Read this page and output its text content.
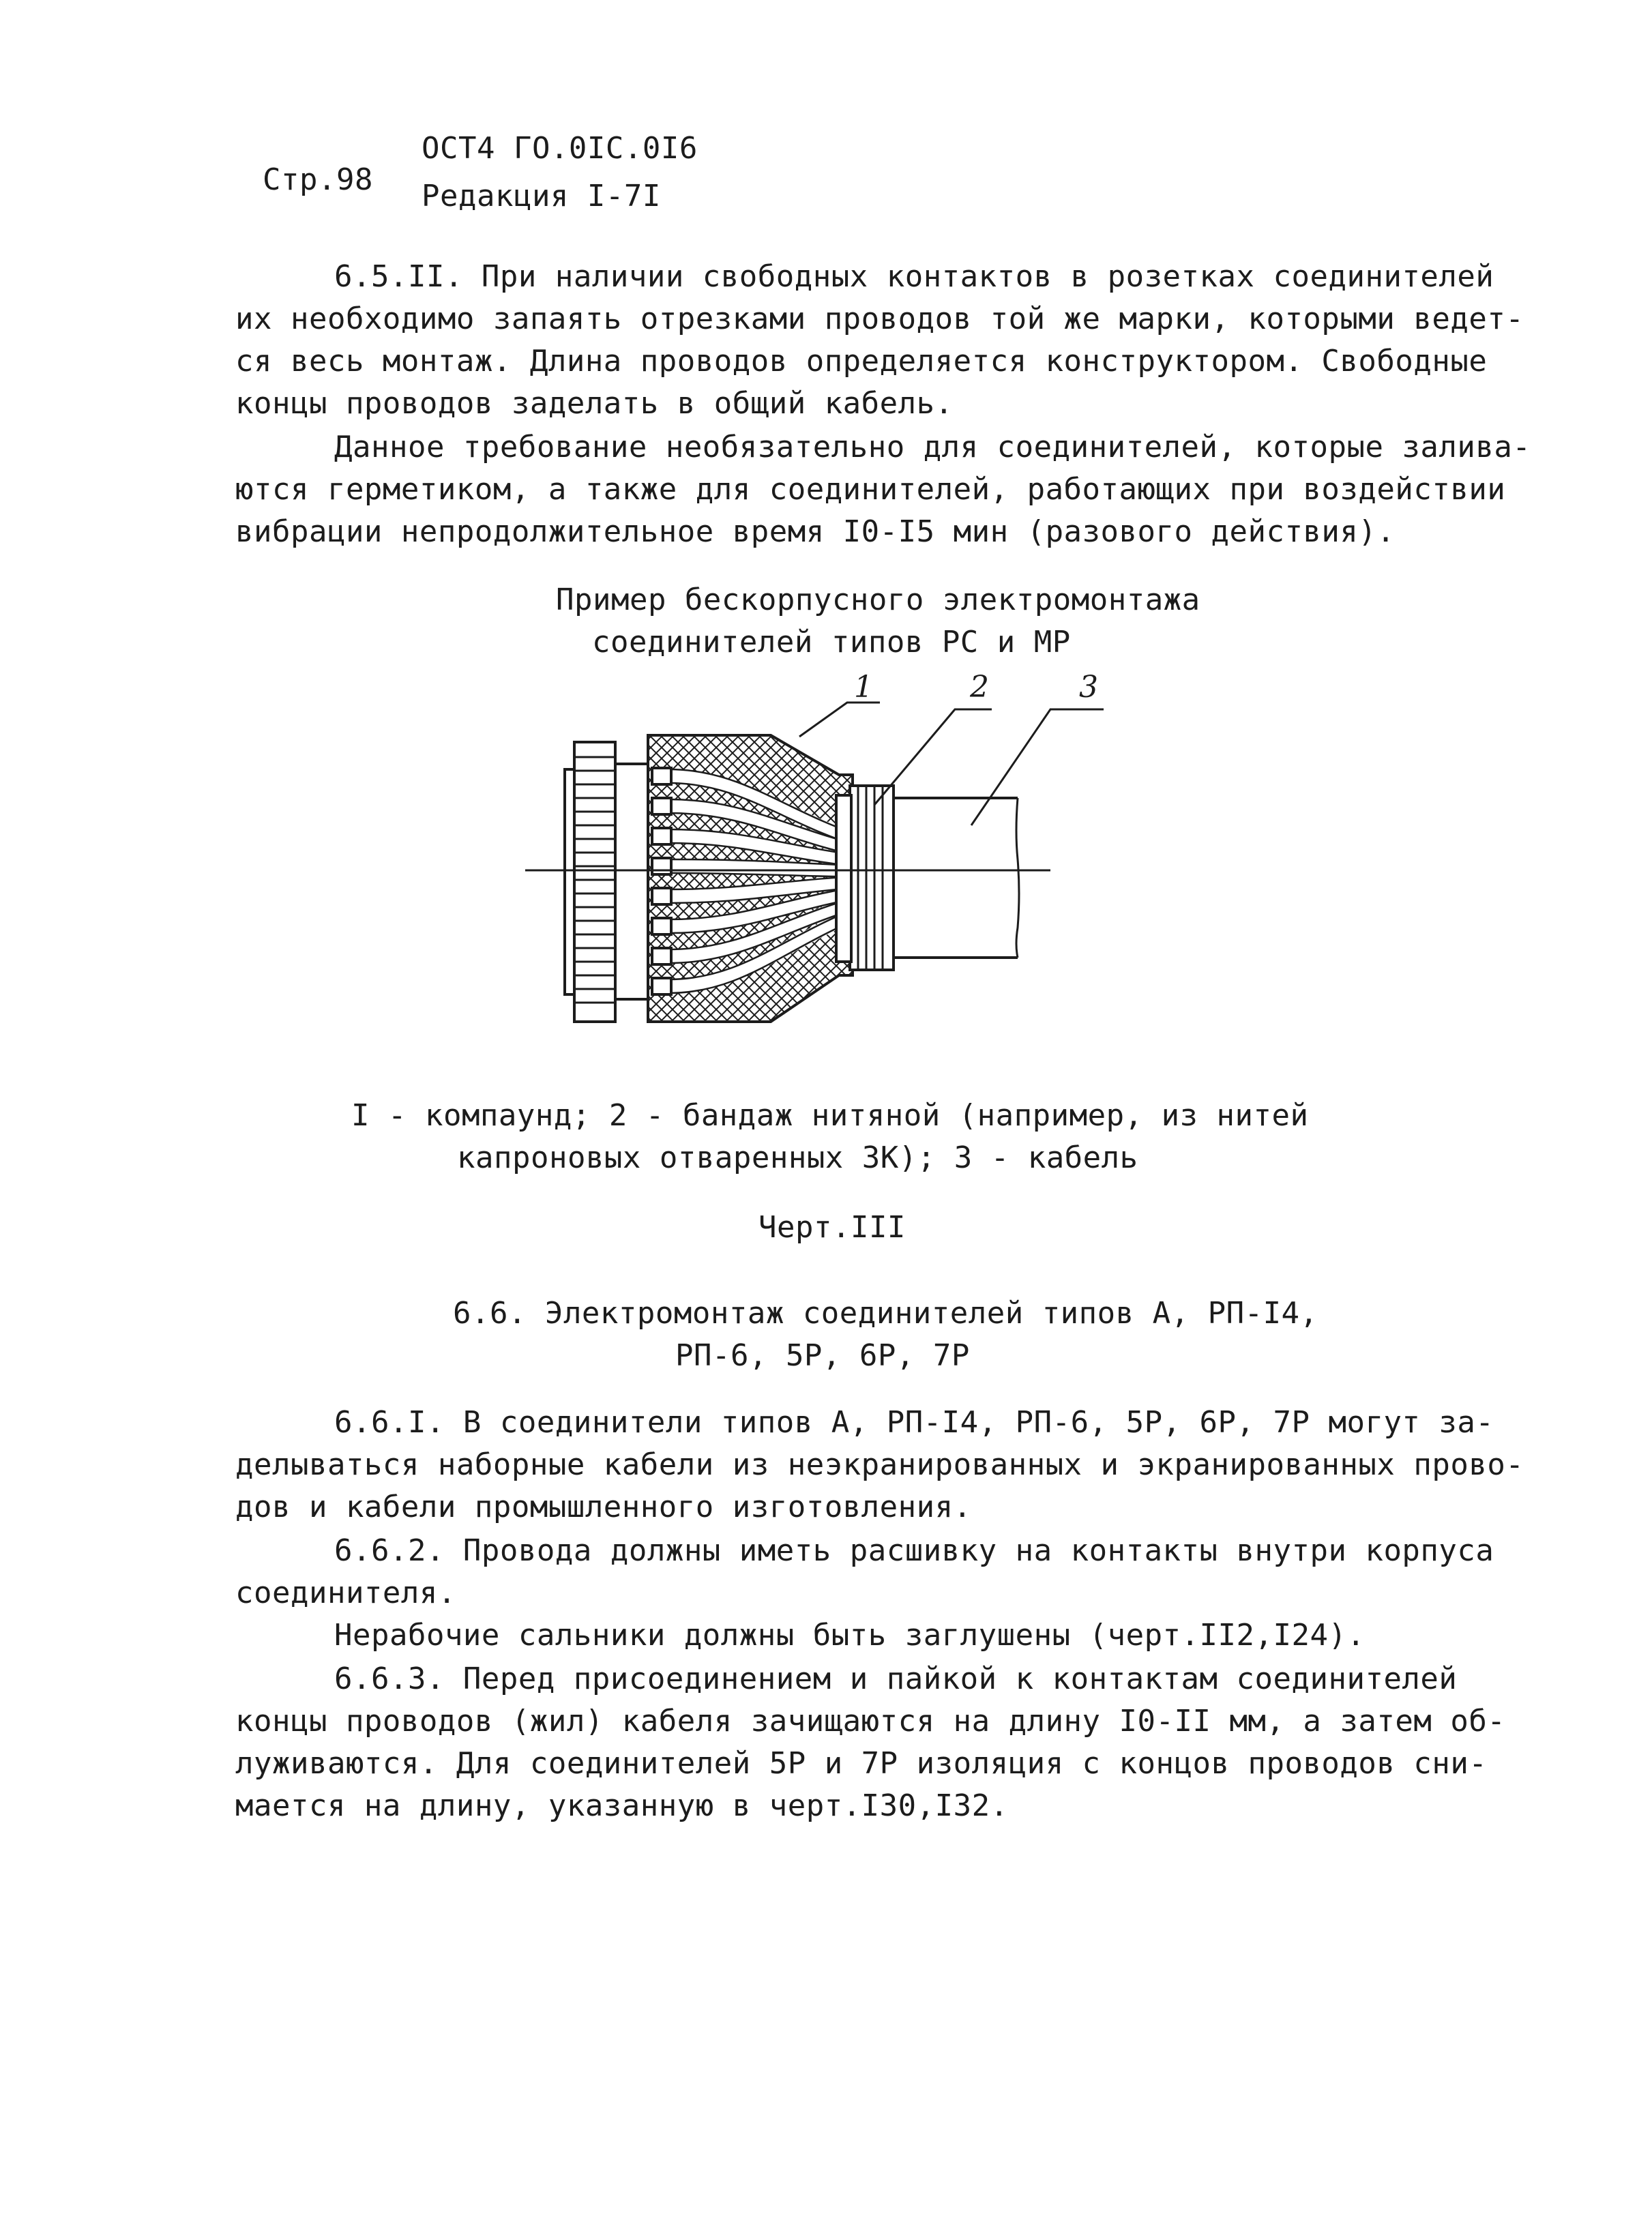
Стр.98
ОСТ4 ГО.0IС.0I6
Редакция I-7I
6.5.II. При наличии свободных контактов в розетках соединителей
их необходимо запаять отрезками проводов той же марки, которыми ведет-
ся весь монтаж. Длина проводов определяется конструктором. Свободные
концы проводов заделать в общий кабель.
Данное требование необязательно для соединителей, которые залива-
ются герметиком, а также для соединителей, работающих при воздействии
вибрации непродолжительное время I0-I5 мин (разового действия).
Пример бескорпусного электромонтажа
соединителей типов РС и МР
1	2	3
I - компаунд; 2 - бандаж нитяной (например, из нитей
капроновых отваренных ЗК); 3 - кабель
Черт.III
6.6. Электромонтаж соединителей типов А, РП-I4,
РП-6, 5Р, 6Р, 7Р
6.6.I. В соединители типов А, РП-I4, РП-6, 5Р, 6Р, 7Р могут за-
делываться наборные кабели из неэкранированных и экранированных прово-
дов и кабели промышленного изготовления.
6.6.2. Провода должны иметь расшивку на контакты внутри корпуса
соединителя.
Нерабочие сальники должны быть заглушены (черт.II2,I24).
6.6.3. Перед присоединением и пайкой к контактам соединителей
концы проводов (жил) кабеля зачищаются на длину I0-II мм, а затем об-
луживаются. Для соединителей 5Р и 7Р изоляция с концов проводов сни-
мается на длину, указанную в черт.I30,I32.
